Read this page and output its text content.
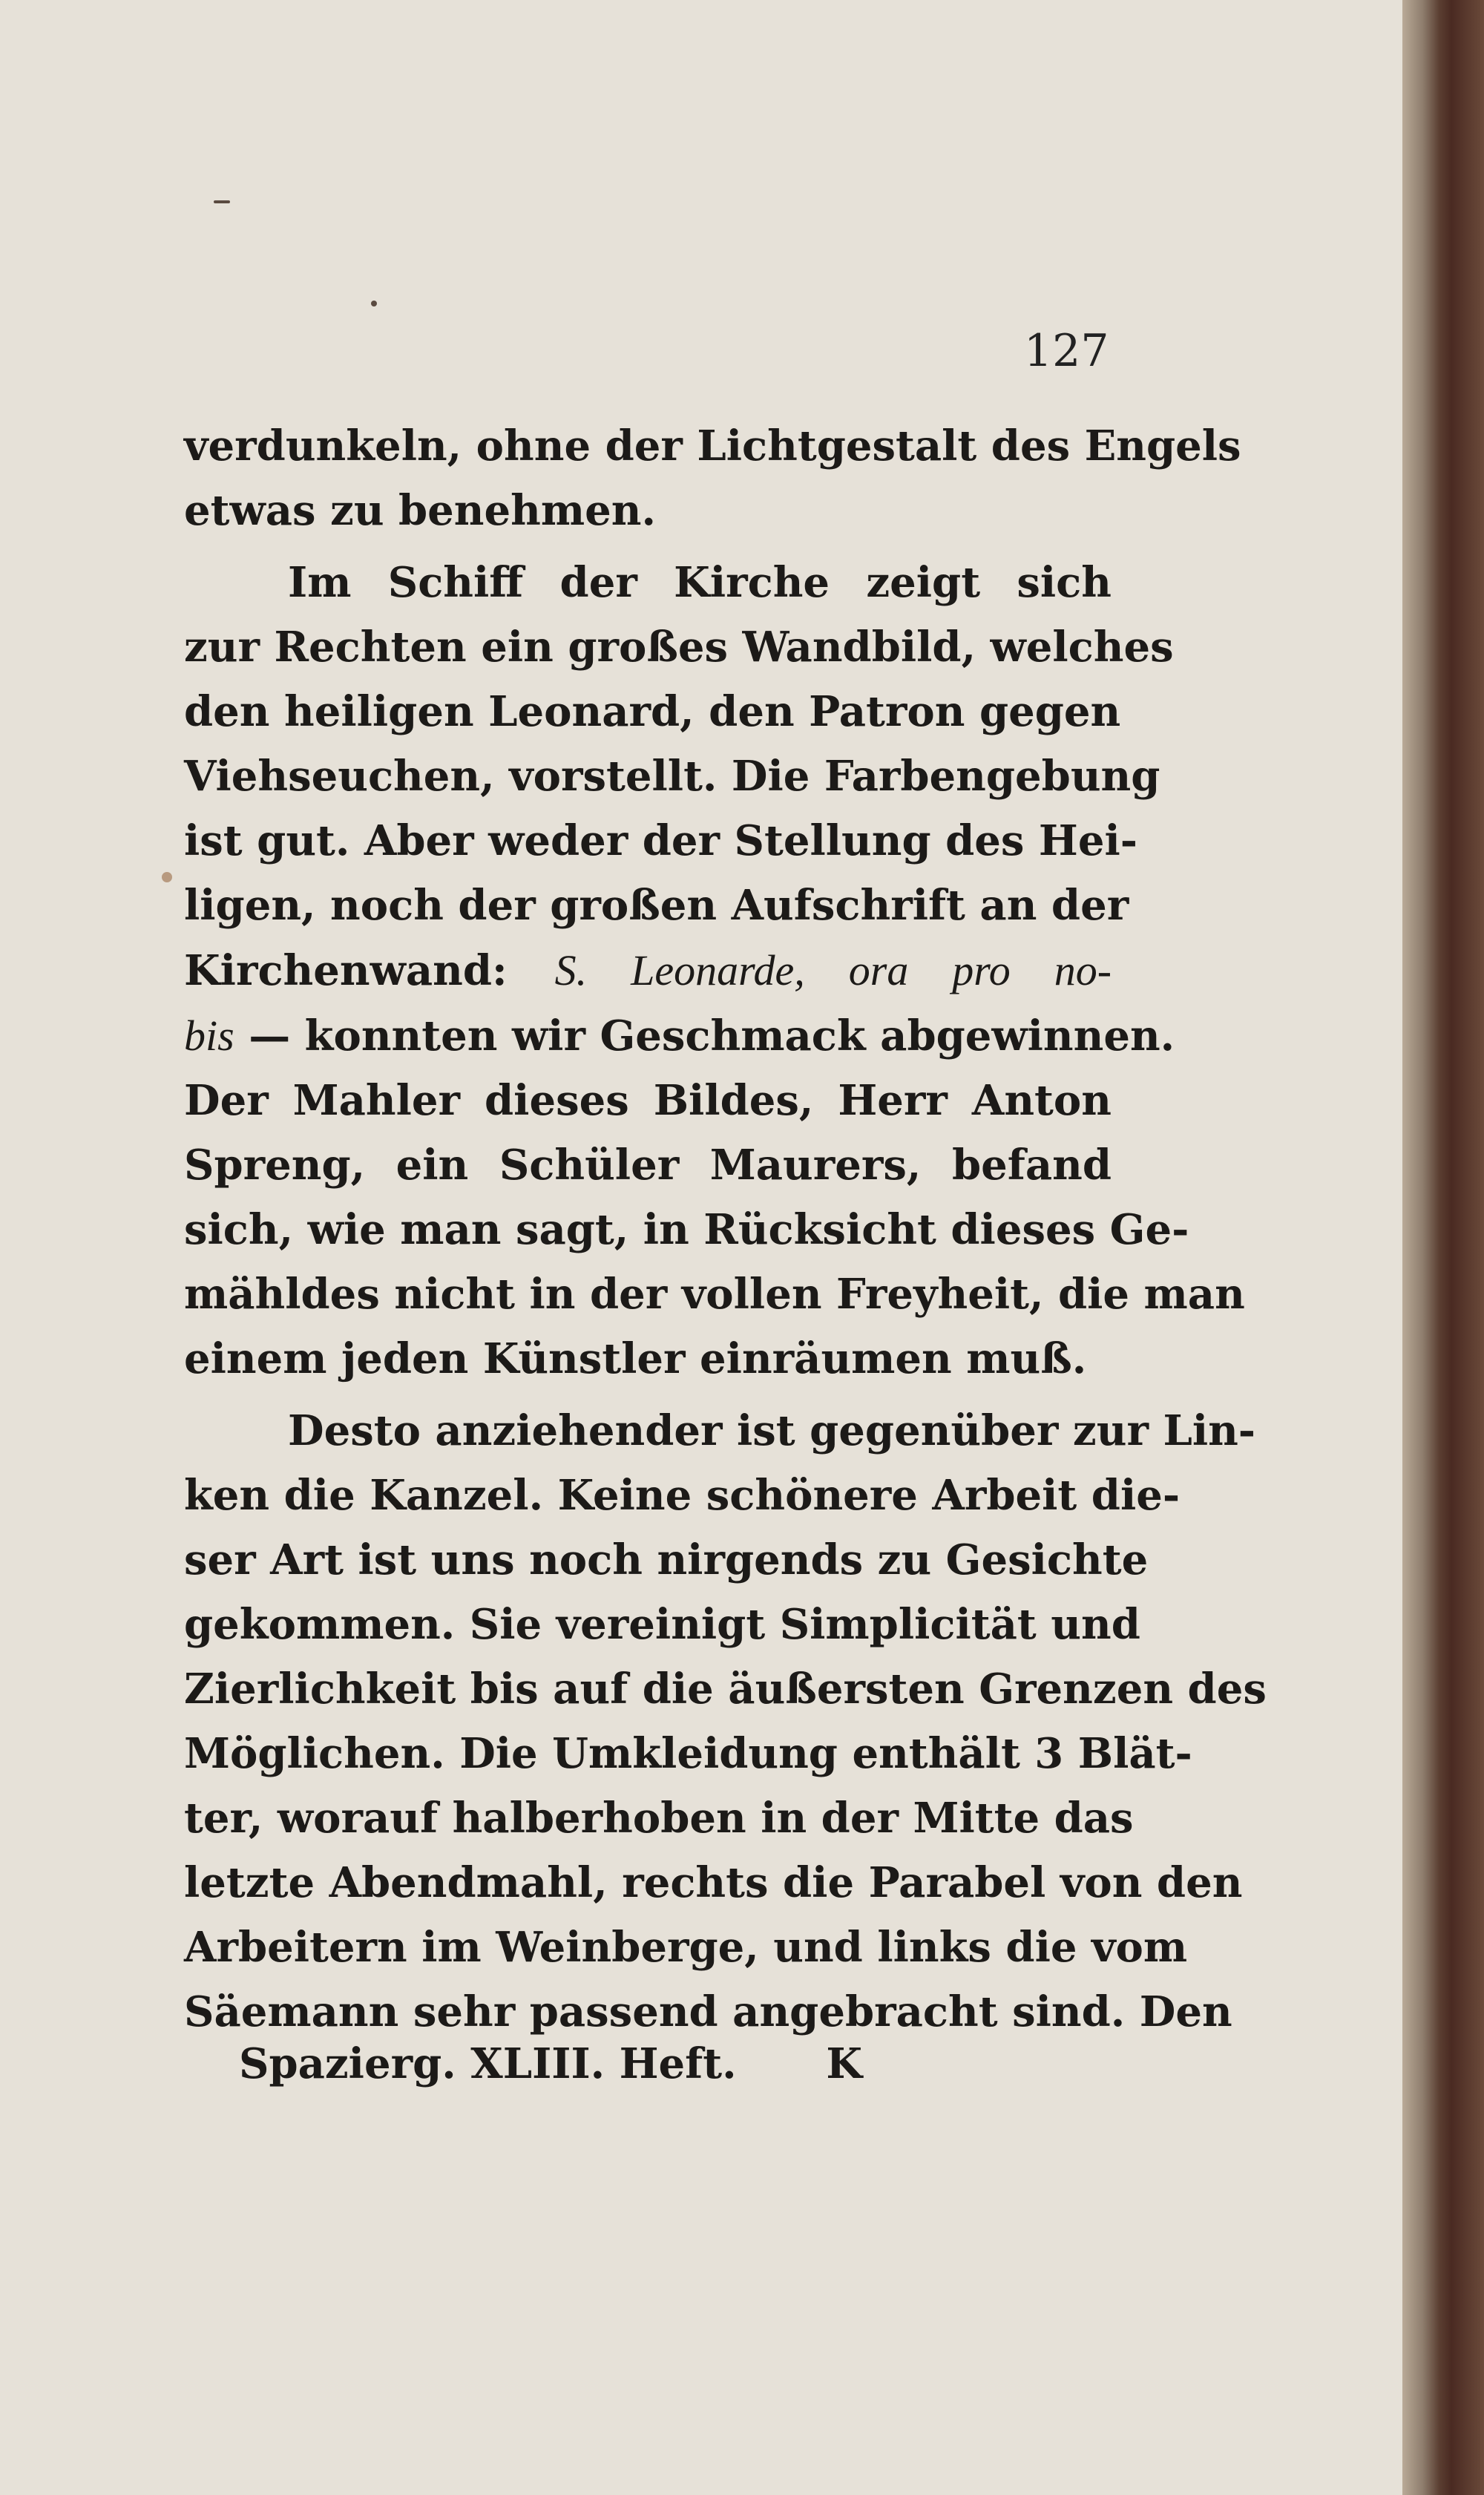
127
verdunkeln, ohne der Lichtgestalt des Engels
etwas zu benehmen.
Im Schiff der Kirche zeigt sich
zur Rechten ein großes Wandbild, welches
den heiligen Leonard, den Patron gegen
Viehseuchen, vorstellt. Die Farbengebung
ist gut. Aber weder der Stellung des Hei-
ligen, noch der großen Aufschrift an der
Kirchenwand: S. Leonarde, ora pro no-
bis — konnten wir Geschmack abgewinnen.
Der Mahler dieses Bildes, Herr Anton
Spreng, ein Schüler Maurers, befand
sich, wie man sagt, in Rücksicht dieses Ge-
mähldes nicht in der vollen Freyheit, die man
einem jeden Künstler einräumen muß.
Desto anziehender ist gegenüber zur Lin-
ken die Kanzel. Keine schönere Arbeit die-
ser Art ist uns noch nirgends zu Gesichte
gekommen. Sie vereinigt Simplicität und
Zierlichkeit bis auf die äußersten Grenzen des
Möglichen. Die Umkleidung enthält 3 Blät-
ter, worauf halberhoben in der Mitte das
letzte Abendmahl, rechts die Parabel von den
Arbeitern im Weinberge, und links die vom
Säemann sehr passend angebracht sind. Den
Spazierg. XLIII. Heft. K
